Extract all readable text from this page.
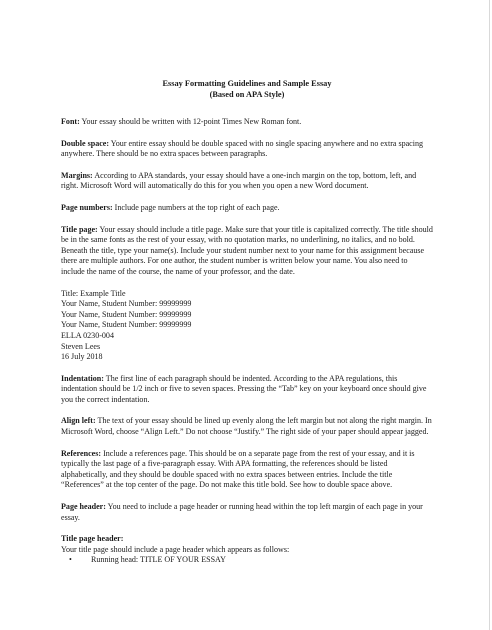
Essay Formatting Guidelines and Sample Essay
(Based on APA Style)

Font: Your essay should be written with 12-point Times New Roman font.

Double space: Your entire essay should be double spaced with no single spacing anywhere and no extra spacing anywhere. There should be no extra spaces between paragraphs.

Margins: According to APA standards, your essay should have a one-inch margin on the top, bottom, left, and right. Microsoft Word will automatically do this for you when you open a new Word document.

Page numbers: Include page numbers at the top right of each page.

Title page: Your essay should include a title page. Make sure that your title is capitalized correctly. The title should be in the same fonts as the rest of your essay, with no quotation marks, no underlining, no italics, and no bold. Beneath the title, type your name(s). Include your student number next to your name for this assignment because there are multiple authors. For one author, the student number is written below your name. You also need to include the name of the course, the name of your professor, and the date.

Title: Example Title
Your Name, Student Number: 99999999
Your Name, Student Number: 99999999
Your Name, Student Number: 99999999
ELLA 0230-004
Steven Lees
16 July 2018

Indentation: The first line of each paragraph should be indented. According to the APA regulations, this indentation should be 1/2 inch or five to seven spaces. Pressing the “Tab” key on your keyboard once should give you the correct indentation.

Align left: The text of your essay should be lined up evenly along the left margin but not along the right margin. In Microsoft Word, choose “Align Left.” Do not choose “Justify.” The right side of your paper should appear jagged.

References: Include a references page. This should be on a separate page from the rest of your essay, and it is typically the last page of a five-paragraph essay. With APA formatting, the references should be listed alphabetically, and they should be double spaced with no extra spaces between entries. Include the title “References” at the top center of the page. Do not make this title bold. See how to double space above.

Page header: You need to include a page header or running head within the top left margin of each page in your essay.

Title page header:
Your title page should include a page header which appears as follows:
• Running head: TITLE OF YOUR ESSAY
